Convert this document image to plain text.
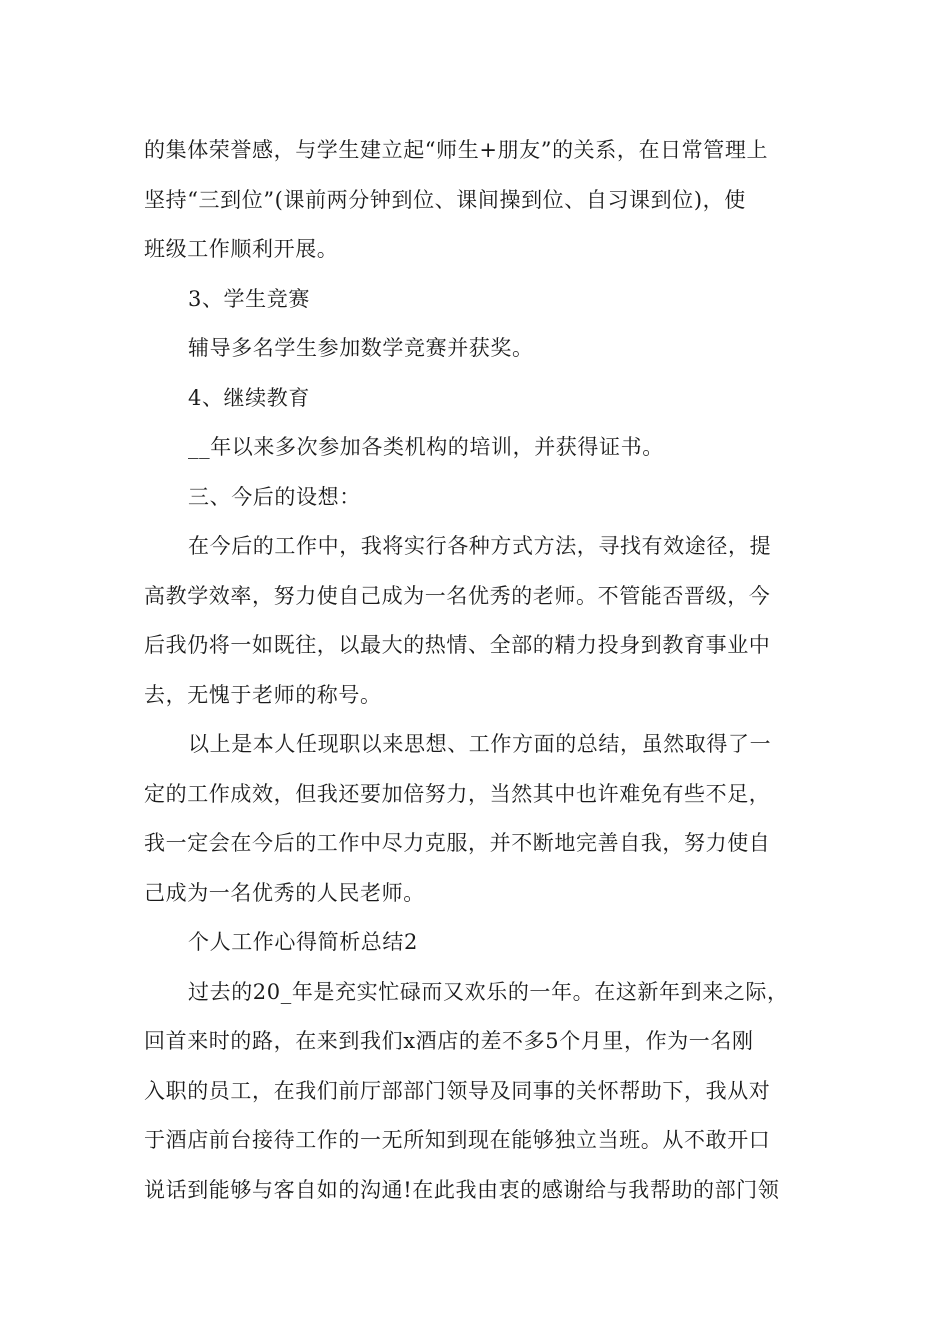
的集体荣誉感，与学生建立起“师生+朋友”的关系，在日常管理上

坚持“三到位”(课前两分钟到位、课间操到位、自习课到位)，使

班级工作顺利开展。

3、学生竞赛

辅导多名学生参加数学竞赛并获奖。

4、继续教育

__年以来多次参加各类机构的培训，并获得证书。

三、今后的设想：

在今后的工作中，我将实行各种方式方法，寻找有效途径，提

高教学效率，努力使自己成为一名优秀的老师。不管能否晋级，今

后我仍将一如既往，以最大的热情、全部的精力投身到教育事业中

去，无愧于老师的称号。

以上是本人任现职以来思想、工作方面的总结，虽然取得了一

定的工作成效，但我还要加倍努力，当然其中也许难免有些不足，

我一定会在今后的工作中尽力克服，并不断地完善自我，努力使自

己成为一名优秀的人民老师。

个人工作心得简析总结2

过去的20_年是充实忙碌而又欢乐的一年。在这新年到来之际，

回首来时的路，在来到我们x酒店的差不多5个月里，作为一名刚

入职的员工，在我们前厅部部门领导及同事的关怀帮助下，我从对

于酒店前台接待工作的一无所知到现在能够独立当班。从不敢开口

说话到能够与客自如的沟通!在此我由衷的感谢给与我帮助的部门领
